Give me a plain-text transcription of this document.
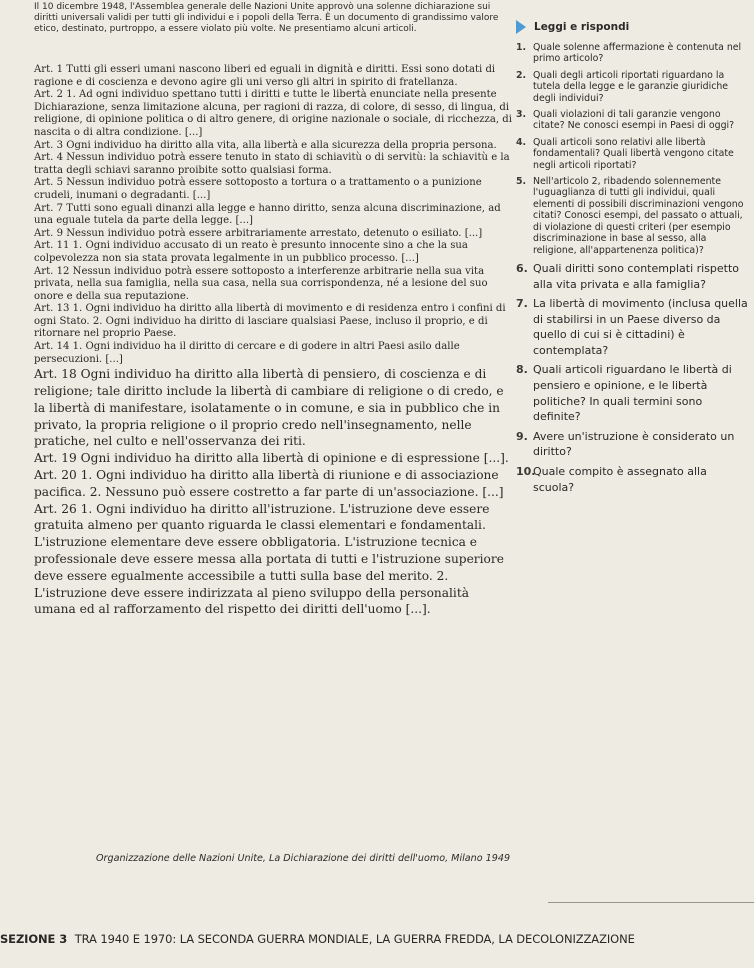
Il 10 dicembre 1948, l'Assemblea generale delle Nazioni Unite approvò una solenne dichiarazione sui diritti universali validi per tutti gli individui e i popoli della Terra. È un documento di grandissimo valore etico, destinato, purtroppo, a essere violato più volte. Ne presentiamo alcuni articoli.

Art. 1 Tutti gli esseri umani nascono liberi ed eguali in dignità e diritti. Essi sono dotati di ragione e di coscienza e devono agire gli uni verso gli altri in spirito di fratellanza.

Art. 2 1. Ad ogni individuo spettano tutti i diritti e tutte le libertà enunciate nella presente Dichiarazione, senza limitazione alcuna, per ragioni di razza, di colore, di sesso, di lingua, di religione, di opinione politica o di altro genere, di origine nazionale o sociale, di ricchezza, di nascita o di altra condizione. [...]

Art. 3 Ogni individuo ha diritto alla vita, alla libertà e alla sicurezza della propria persona.

Art. 4 Nessun individuo potrà essere tenuto in stato di schiavitù o di servitù: la schiavitù e la tratta degli schiavi saranno proibite sotto qualsiasi forma.

Art. 5 Nessun individuo potrà essere sottoposto a tortura o a trattamento o a punizione crudeli, inumani o degradanti. [...]

Art. 7 Tutti sono eguali dinanzi alla legge e hanno diritto, senza alcuna discriminazione, ad una eguale tutela da parte della legge. [...]

Art. 9 Nessun individuo potrà essere arbitrariamente arrestato, detenuto o esiliato. [...]

Art. 11 1. Ogni individuo accusato di un reato è presunto innocente sino a che la sua colpevolezza non sia stata provata legalmente in un pubblico processo. [...]

Art. 12 Nessun individuo potrà essere sottoposto a interferenze arbitrarie nella sua vita privata, nella sua famiglia, nella sua casa, nella sua corrispondenza, né a lesione del suo onore e della sua reputazione.

Art. 13 1. Ogni individuo ha diritto alla libertà di movimento e di residenza entro i confini di ogni Stato. 2. Ogni individuo ha diritto di lasciare qualsiasi Paese, incluso il proprio, e di ritornare nel proprio Paese.

Art. 14 1. Ogni individuo ha il diritto di cercare e di godere in altri Paesi asilo dalle persecuzioni. [...]

Art. 18 Ogni individuo ha diritto alla libertà di pensiero, di coscienza e di religione; tale diritto include la libertà di cambiare di religione o di credo, e la libertà di manifestare, isolatamente o in comune, e sia in pubblico che in privato, la propria religione o il proprio credo nell'insegnamento, nelle pratiche, nel culto e nell'osservanza dei riti.

Art. 19 Ogni individuo ha diritto alla libertà di opinione e di espressione [...].

Art. 20 1. Ogni individuo ha diritto alla libertà di riunione e di associazione pacifica. 2. Nessuno può essere costretto a far parte di un'associazione. [...]

Art. 26 1. Ogni individuo ha diritto all'istruzione. L'istruzione deve essere gratuita almeno per quanto riguarda le classi elementari e fondamentali. L'istruzione elementare deve essere obbligatoria. L'istruzione tecnica e professionale deve essere messa alla portata di tutti e l'istruzione superiore deve essere egualmente accessibile a tutti sulla base del merito. 2. L'istruzione deve essere indirizzata al pieno sviluppo della personalità umana ed al rafforzamento del rispetto dei diritti dell'uomo [...].

Organizzazione delle Nazioni Unite, La Dichiarazione dei diritti dell'uomo, Milano 1949
Leggi e rispondi

1. Quale solenne affermazione è contenuta nel primo articolo?

2. Quali degli articoli riportati riguardano la tutela della legge e le garanzie giuridiche degli individui?

3. Quali violazioni di tali garanzie vengono citate? Ne conosci esempi in Paesi di oggi?

4. Quali articoli sono relativi alle libertà fondamentali? Quali libertà vengono citate negli articoli riportati?

5. Nell'articolo 2, ribadendo solennemente l'uguaglianza di tutti gli individui, quali elementi di possibili discriminazioni vengono citati? Conosci esempi, del passato o attuali, di violazione di questi criteri (per esempio discriminazione in base al sesso, alla religione, all'appartenenza politica)?

6. Quali diritti sono contemplati rispetto alla vita privata e alla famiglia?

7. La libertà di movimento (inclusa quella di stabilirsi in un Paese diverso da quello di cui si è cittadini) è contemplata?

8. Quali articoli riguardano le libertà di pensiero e opinione, e le libertà politiche? In quali termini sono definite?

9. Avere un'istruzione è considerato un diritto?

10.
Quale compito è assegnato alla scuola?

SEZIONE 3 TRA 1940 E 1970: LA SECONDA GUERRA MONDIALE, LA GUERRA FREDDA, LA DECOLONIZZAZIONE
